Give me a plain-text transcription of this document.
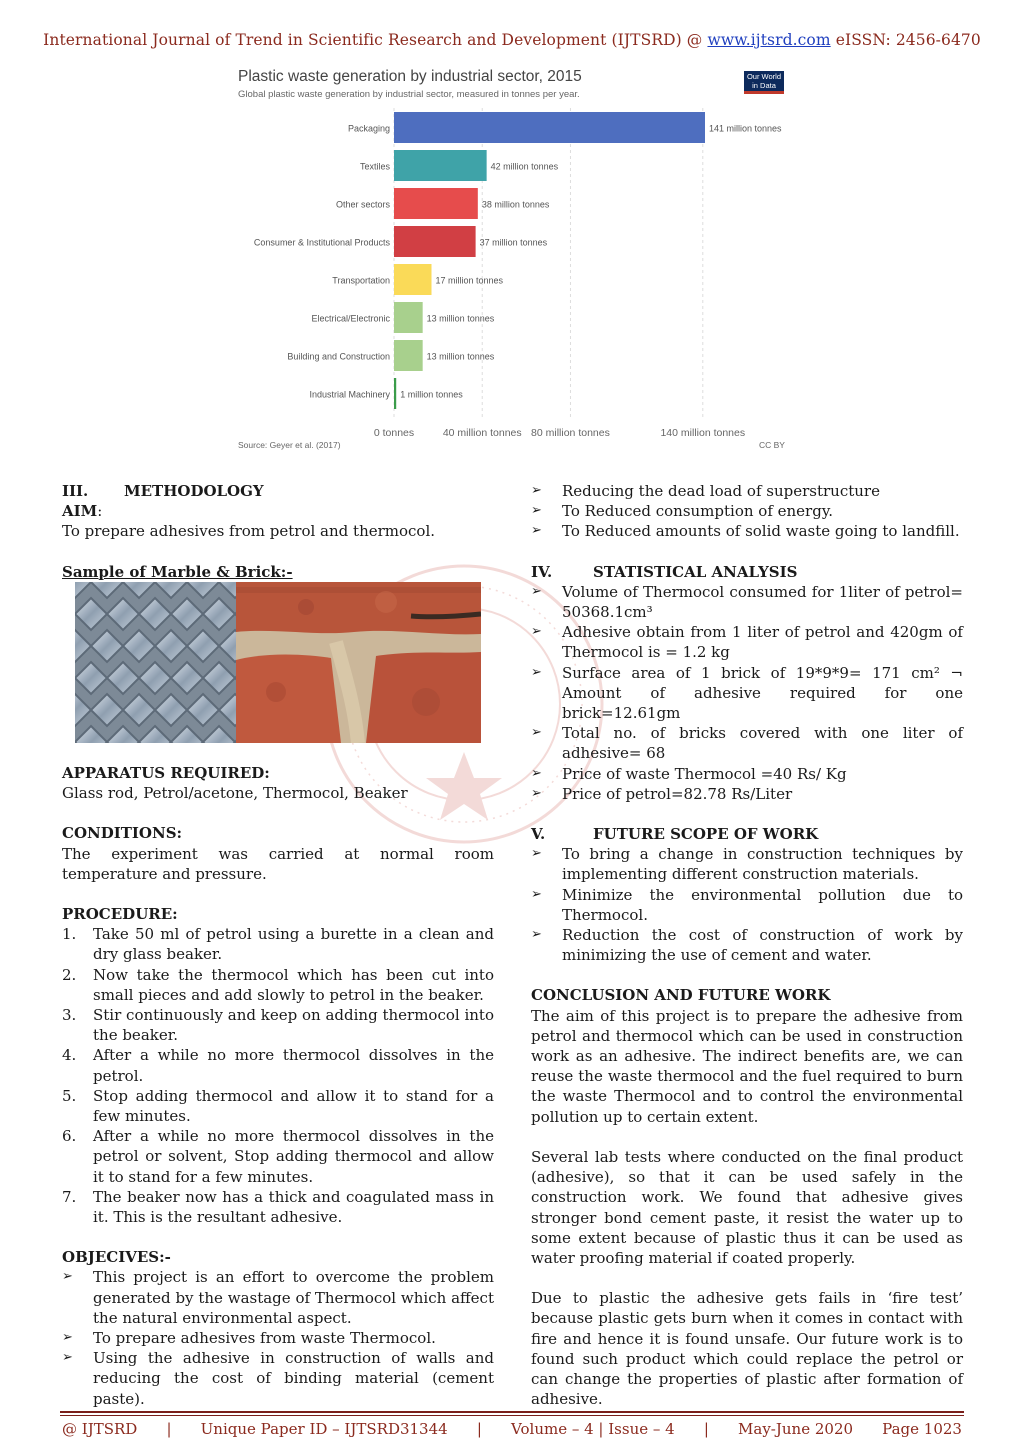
International Journal of Trend in Scientific Research and Development (IJTSRD) @ www.ijtsrd.com eISSN: 2456-6470
0 tonnes	40 million tonnes 80 million tonnes	140 million tonnes
Packaging	141 million tonnes
Textiles	42 million tonnes
Other sectors	38 million tonnes
Consumer & Institutional Products	37 million tonnes
Transportation	17 million tonnes
Electrical/Electronic	13 million tonnes
Building and Construction	13 million tonnes
Industrial Machinery 1 million tonnes
Plastic waste generation by industrial sector, 2015
Global plastic waste generation by industrial sector, measured in tonnes per year.
Our World in Data
Source: Geyer et al. (2017)	CC BY
III.	METHODOLOGY

AIM:

To prepare adhesives from petrol and thermocol.

Sample of Marble & Brick:-

APPARATUS REQUIRED:

Glass rod, Petrol/acetone, Thermocol, Beaker

CONDITIONS:

The experiment was carried at normal room temperature and pressure.

PROCEDURE:

1. Take 50 ml of petrol using a burette in a clean and dry glass beaker.
2. Now take the thermocol which has been cut into small pieces and add slowly to petrol in the beaker.
3. Stir continuously and keep on adding thermocol into the beaker.
4. After a while no more thermocol dissolves in the petrol.
5. Stop adding thermocol and allow it to stand for a few minutes.
6. After a while no more thermocol dissolves in the petrol or solvent, Stop adding thermocol and allow it to stand for a few minutes.
7. The beaker now has a thick and coagulated mass in it. This is the resultant adhesive.

OBJECIVES:-

➢ This project is an effort to overcome the problem generated by the wastage of Thermocol which affect the natural environmental aspect.
➢ To prepare adhesives from waste Thermocol.
➢ Using the adhesive in construction of walls and reducing the cost of binding material (cement paste).
➢ Reducing the dead load of superstructure
➢ To Reduced consumption of energy.
➢ To Reduced amounts of solid waste going to landfill.
IV.	STATISTICAL ANALYSIS
➢ Volume of Thermocol consumed for 1liter of petrol= 50368.1cm³
➢ Adhesive obtain from 1 liter of petrol and 420gm of Thermocol is = 1.2 kg
➢ Surface area of 1 brick of 19*9*9= 171 cm² ¬ Amount of adhesive required for one brick=12.61gm
➢ Total no. of bricks covered with one liter of adhesive= 68
➢ Price of waste Thermocol =40 Rs/ Kg
➢ Price of petrol=82.78 Rs/Liter
V.	FUTURE SCOPE OF WORK
➢ To bring a change in construction techniques by implementing different construction materials.
➢ Minimize the environmental pollution due to Thermocol.
➢ Reduction the cost of construction of work by minimizing the use of cement and water.

CONCLUSION AND FUTURE WORK

The aim of this project is to prepare the adhesive from petrol and thermocol which can be used in construction work as an adhesive. The indirect benefits are, we can reuse the waste thermocol and the fuel required to burn the waste Thermocol and to control the environmental pollution up to certain extent.

Several lab tests where conducted on the final product (adhesive), so that it can be used safely in the construction work. We found that adhesive gives stronger bond cement paste, it resist the water up to some extent because of plastic thus it can be used as water proofing material if coated properly.

Due to plastic the adhesive gets fails in ‘fire test’ because plastic gets burn when it comes in contact with fire and hence it is found unsafe. Our future work is to found such product which could replace the petrol or can change the properties of plastic after formation of adhesive.

@ IJTSRD | Unique Paper ID – IJTSRD31344 | Volume – 4 | Issue – 4 | May-June 2020 Page 1023
